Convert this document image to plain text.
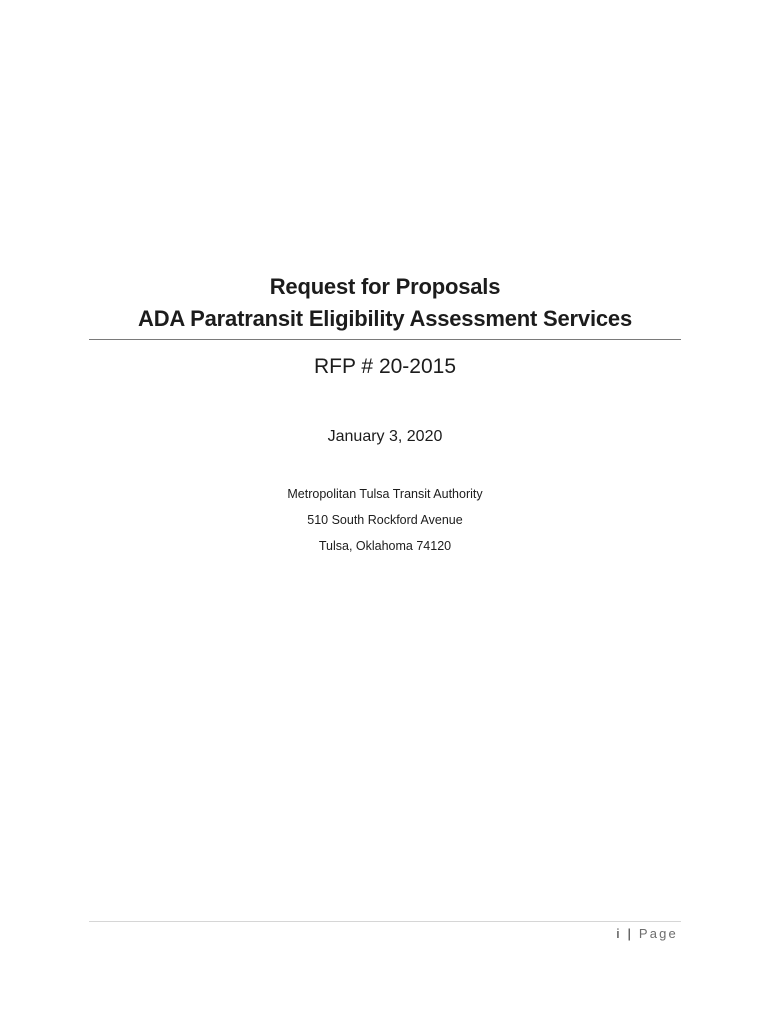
Request for Proposals
ADA Paratransit Eligibility Assessment Services
RFP # 20-2015
January 3, 2020
Metropolitan Tulsa Transit Authority
510 South Rockford Avenue
Tulsa, Oklahoma 74120
i | Page
